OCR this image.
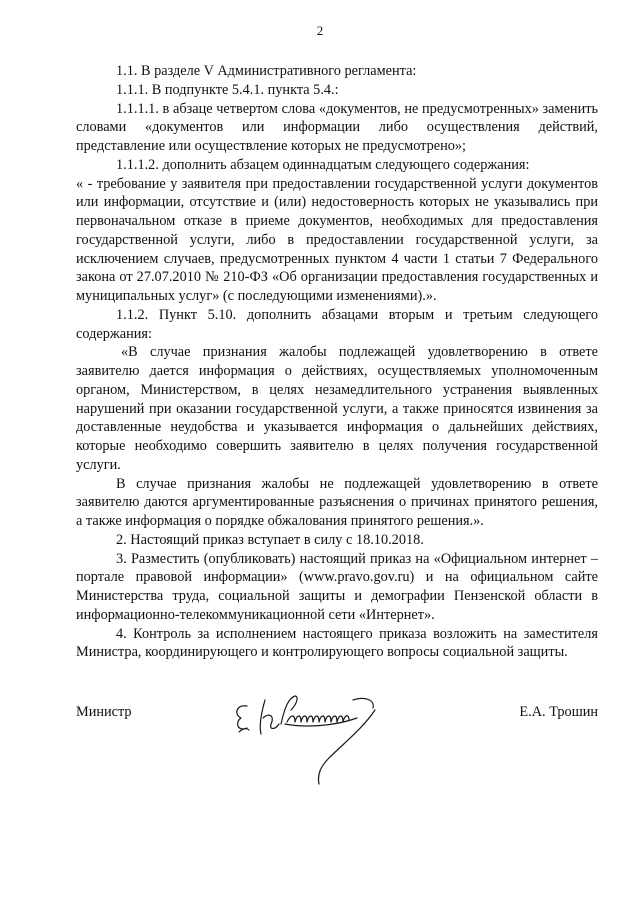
2

1.1. В разделе V Административного регламента:

1.1.1. В подпункте 5.4.1. пункта 5.4.:

1.1.1.1. в абзаце четвертом слова «документов, не предусмотренных» заменить словами «документов или информации либо осуществления действий, представление или осуществление которых не предусмотрено»;

1.1.1.2. дополнить абзацем одиннадцатым следующего содержания:

« - требование у заявителя при предоставлении государственной услуги документов или информации, отсутствие и (или) недостоверность которых не указывались при первоначальном отказе в приеме документов, необходимых для предоставления государственной услуги, либо в предоставлении государственной услуги, за исключением случаев, предусмотренных пунктом 4 части 1 статьи 7 Федерального закона от 27.07.2010 № 210-ФЗ «Об организации предоставления государственных и муниципальных услуг» (с последующими изменениями).».

1.1.2. Пункт 5.10. дополнить абзацами вторым и третьим следующего содержания:

«В случае признания жалобы подлежащей удовлетворению в ответе заявителю дается информация о действиях, осуществляемых уполномоченным органом, Министерством, в целях незамедлительного устранения выявленных нарушений при оказании государственной услуги, а также приносятся извинения за доставленные неудобства и указывается информация о дальнейших действиях, которые необходимо совершить заявителю в целях получения государственной услуги.

В случае признания жалобы не подлежащей удовлетворению в ответе заявителю даются аргументированные разъяснения о причинах принятого решения, а также информация о порядке обжалования принятого решения.».

2. Настоящий приказ вступает в силу с 18.10.2018.

3. Разместить (опубликовать) настоящий приказ на «Официальном интернет – портале правовой информации» (www.pravo.gov.ru) и на официальном сайте Министерства труда, социальной защиты и демографии Пензенской области в информационно-телекоммуникационной сети «Интернет».

4. Контроль за исполнением настоящего приказа возложить на заместителя Министра, координирующего и контролирующего вопросы социальной защиты.

Министр	Е.А. Трошин
